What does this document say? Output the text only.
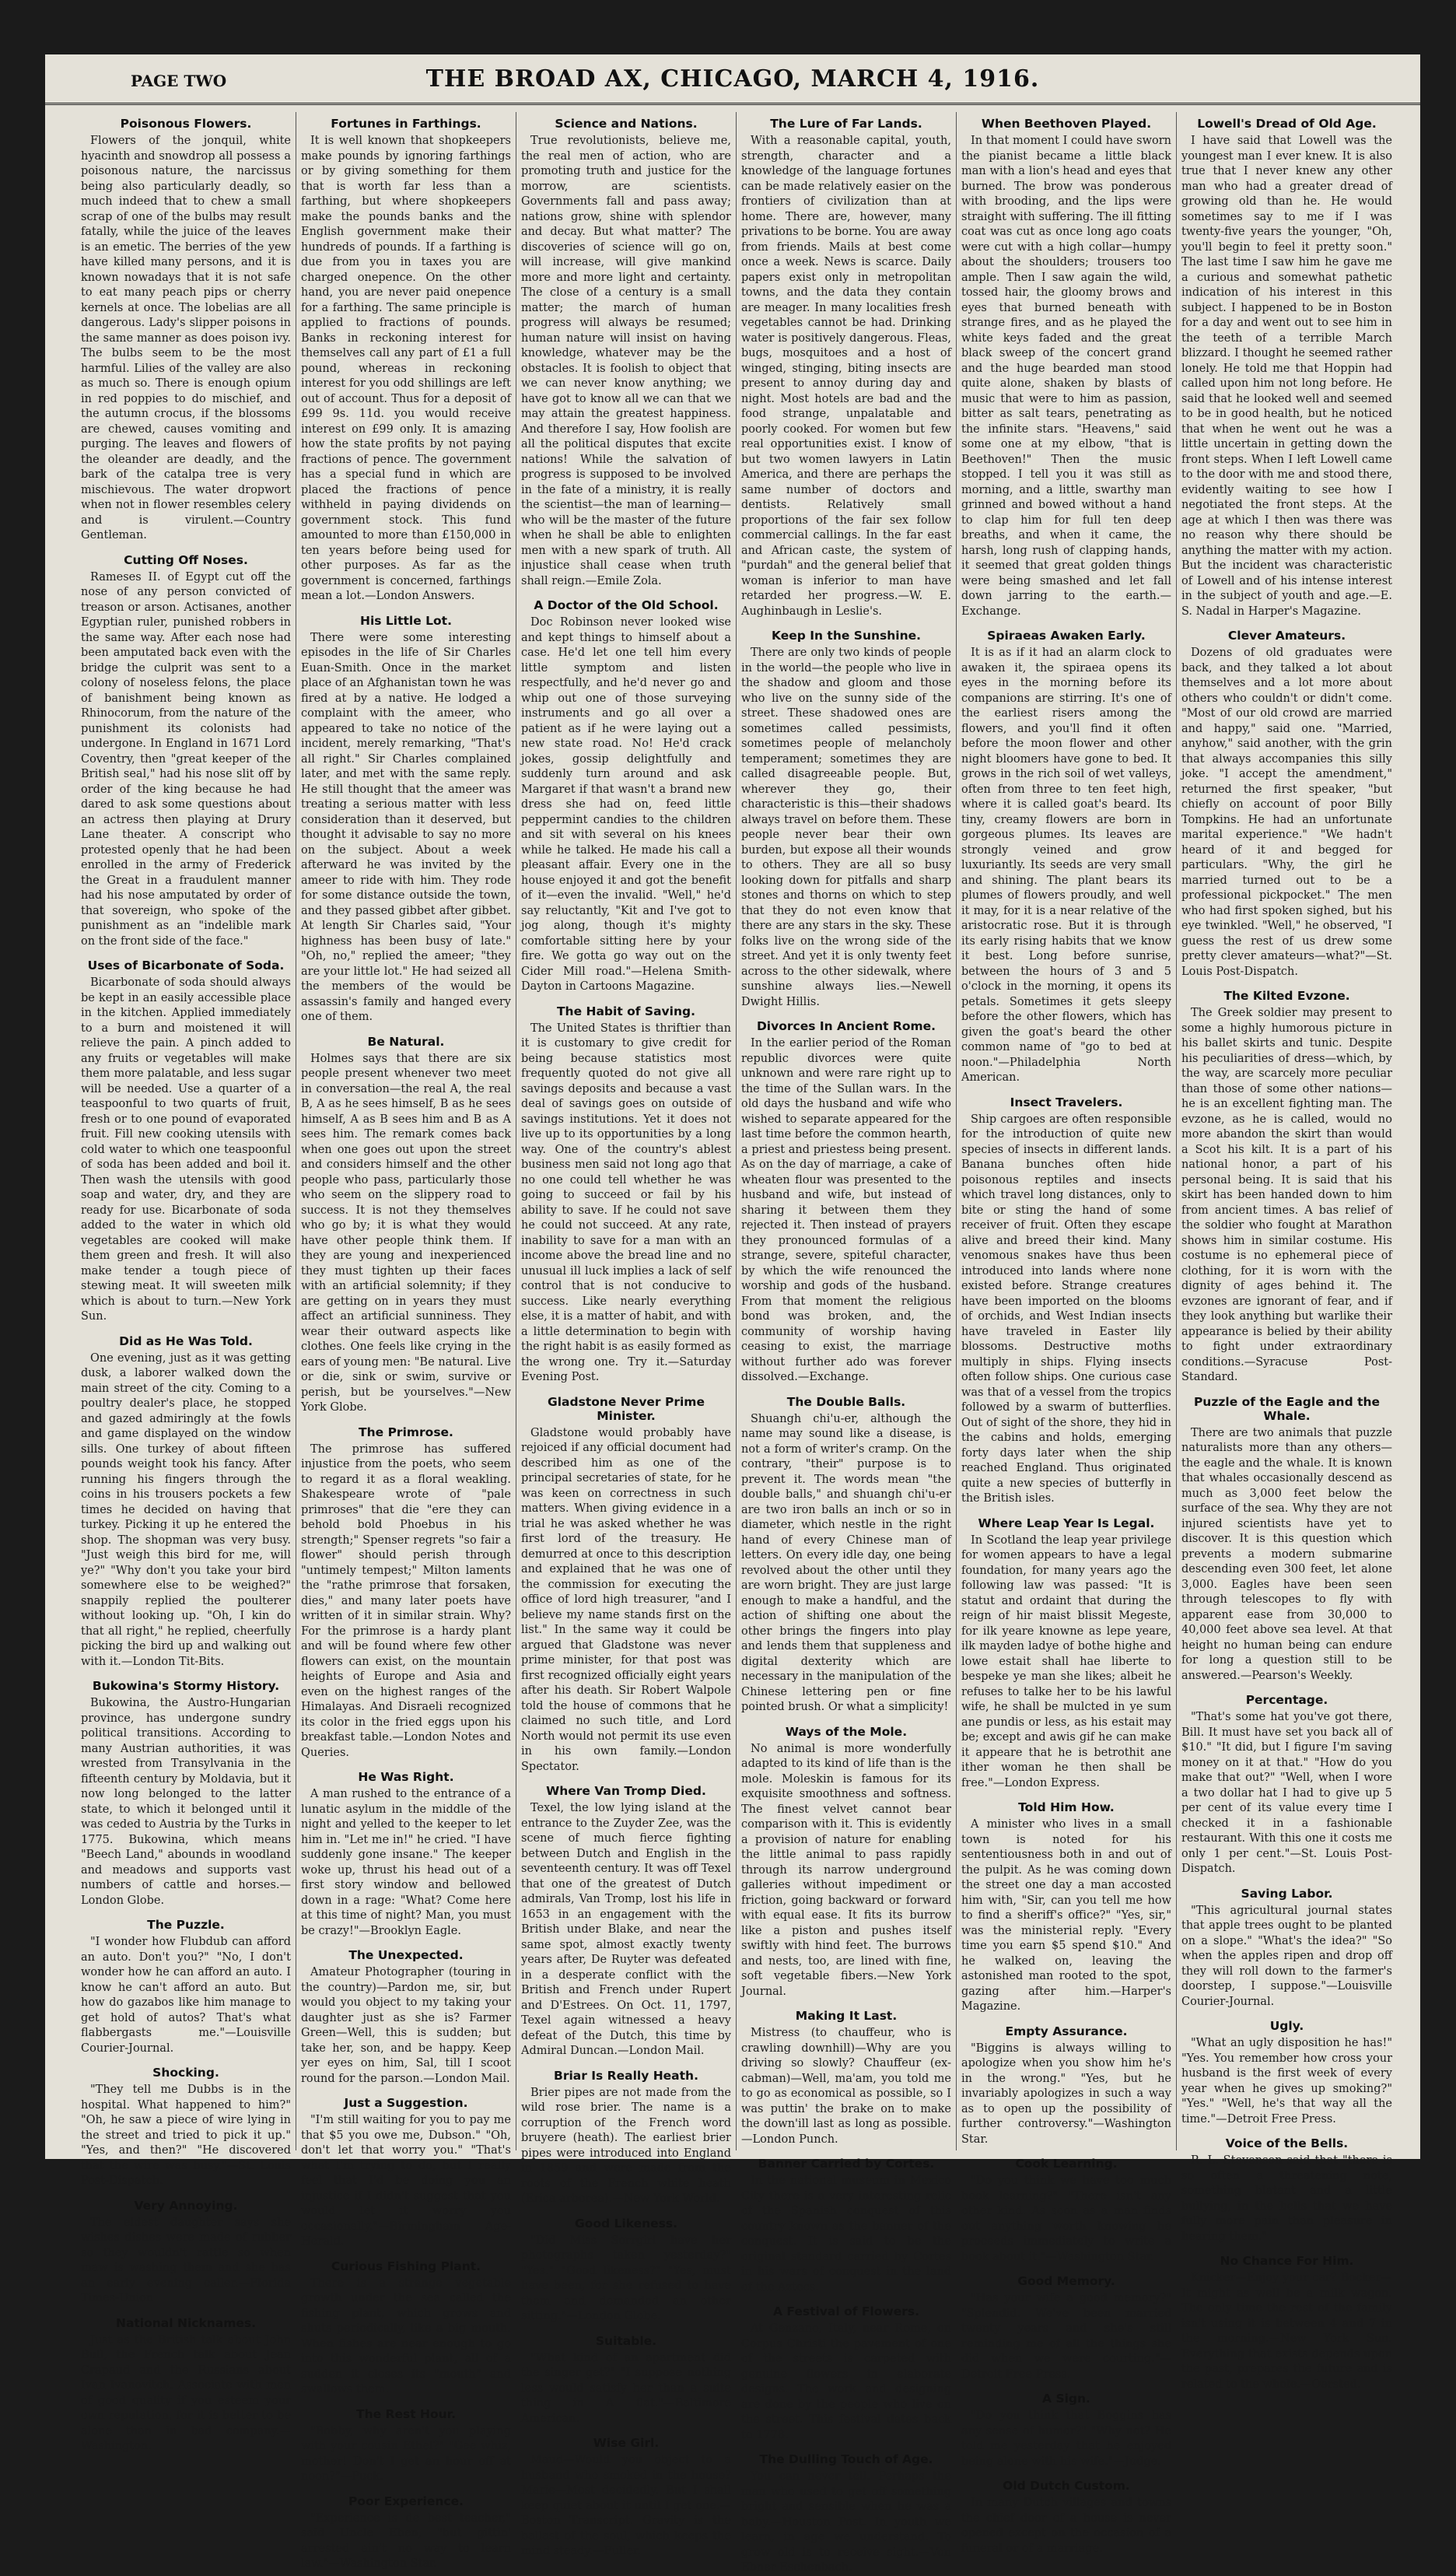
PAGE TWO	THE BROAD AX, CHICAGO, MARCH 4, 1916.
Poisonous Flowers.

Flowers of the jonquil, white hyacinth and snowdrop all possess a poisonous nature, the narcissus being also particularly deadly, so much indeed that to chew a small scrap of one of the bulbs may result fatally, while the juice of the leaves is an emetic. The berries of the yew have killed many persons, and it is known nowadays that it is not safe to eat many peach pips or cherry kernels at once. The lobelias are all dangerous. Lady's slipper poisons in the same manner as does poison ivy. The bulbs seem to be the most harmful. Lilies of the valley are also as much so. There is enough opium in red poppies to do mischief, and the autumn crocus, if the blossoms are chewed, causes vomiting and purging. The leaves and flowers of the oleander are deadly, and the bark of the catalpa tree is very mischievous. The water dropwort when not in flower resembles celery and is virulent.—Country Gentleman.

Cutting Off Noses.

Rameses II. of Egypt cut off the nose of any person convicted of treason or arson. Actisanes, another Egyptian ruler, punished robbers in the same way. After each nose had been amputated back even with the bridge the culprit was sent to a colony of noseless felons, the place of banishment being known as Rhinocorum, from the nature of the punishment its colonists had undergone. In England in 1671 Lord Coventry, then "great keeper of the British seal," had his nose slit off by order of the king because he had dared to ask some questions about an actress then playing at Drury Lane theater. A conscript who protested openly that he had been enrolled in the army of Frederick the Great in a fraudulent manner had his nose amputated by order of that sovereign, who spoke of the punishment as an "indelible mark on the front side of the face."

Uses of Bicarbonate of Soda.

Bicarbonate of soda should always be kept in an easily accessible place in the kitchen. Applied immediately to a burn and moistened it will relieve the pain. A pinch added to any fruits or vegetables will make them more palatable, and less sugar will be needed. Use a quarter of a teaspoonful to two quarts of fruit, fresh or to one pound of evaporated fruit. Fill new cooking utensils with cold water to which one teaspoonful of soda has been added and boil it. Then wash the utensils with good soap and water, dry, and they are ready for use. Bicarbonate of soda added to the water in which old vegetables are cooked will make them green and fresh. It will also make tender a tough piece of stewing meat. It will sweeten milk which is about to turn.—New York Sun.

Did as He Was Told.

One evening, just as it was getting dusk, a laborer walked down the main street of the city. Coming to a poultry dealer's place, he stopped and gazed admiringly at the fowls and game displayed on the window sills. One turkey of about fifteen pounds weight took his fancy. After running his fingers through the coins in his trousers pockets a few times he decided on having that turkey. Picking it up he entered the shop. The shopman was very busy. "Just weigh this bird for me, will ye?" "Why don't you take your bird somewhere else to be weighed?" snappily replied the poulterer without looking up. "Oh, I kin do that all right," he replied, cheerfully picking the bird up and walking out with it.—London Tit-Bits.

Bukowina's Stormy History.

Bukowina, the Austro-Hungarian province, has undergone sundry political transitions. According to many Austrian authorities, it was wrested from Transylvania in the fifteenth century by Moldavia, but it now long belonged to the latter state, to which it belonged until it was ceded to Austria by the Turks in 1775. Bukowina, which means "Beech Land," abounds in woodland and meadows and supports vast numbers of cattle and horses.—London Globe.

The Puzzle.

"I wonder how Flubdub can afford an auto. Don't you?" "No, I don't wonder how he can afford an auto. I know he can't afford an auto. But how do gazabos like him manage to get hold of autos? That's what flabbergasts me."—Louisville Courier-Journal.

Shocking.

"They tell me Dubbs is in the hospital. What happened to him?" "Oh, he saw a piece of wire lying in the street and tried to pick it up." "Yes, and then?" "He discovered that the wire was busy."—St. Louis Post-Dispatch.

Very Annoying.

The eldest daughter says she wishes dishes were made of rubber so they wouldn't rattle so when maw is washing them and she has an early evening caller.—Florida Times-Union

National Nicknames.

Just as the British talk about John Bull, the French talk about Jean Crapaud and the Russians about Ivan Ivanovitch. Associate with men of good quality if you esteem your own reputation, for it is better to be alone than in bad company.—Washington.

Fortunes in Farthings.

It is well known that shopkeepers make pounds by ignoring farthings or by giving something for them that is worth far less than a farthing, but where shopkeepers make the pounds banks and the English government make their hundreds of pounds. If a farthing is due from you in taxes you are charged onepence. On the other hand, you are never paid onepence for a farthing. The same principle is applied to fractions of pounds. Banks in reckoning interest for themselves call any part of £1 a full pound, whereas in reckoning interest for you odd shillings are left out of account. Thus for a deposit of £99 9s. 11d. you would receive interest on £99 only. It is amazing how the state profits by not paying fractions of pence. The government has a special fund in which are placed the fractions of pence withheld in paying dividends on government stock. This fund amounted to more than £150,000 in ten years before being used for other purposes. As far as the government is concerned, farthings mean a lot.—London Answers.

His Little Lot.

There were some interesting episodes in the life of Sir Charles Euan-Smith. Once in the market place of an Afghanistan town he was fired at by a native. He lodged a complaint with the ameer, who appeared to take no notice of the incident, merely remarking, "That's all right." Sir Charles complained later, and met with the same reply. He still thought that the ameer was treating a serious matter with less consideration than it deserved, but thought it advisable to say no more on the subject. About a week afterward he was invited by the ameer to ride with him. They rode for some distance outside the town, and they passed gibbet after gibbet. At length Sir Charles said, "Your highness has been busy of late." "Oh, no," replied the ameer; "they are your little lot." He had seized all the members of the would be assassin's family and hanged every one of them.

Be Natural.

Holmes says that there are six people present whenever two meet in conversation—the real A, the real B, A as he sees himself, B as he sees himself, A as B sees him and B as A sees him. The remark comes back when one goes out upon the street and considers himself and the other people who pass, particularly those who seem on the slippery road to success. It is not they themselves who go by; it is what they would have other people think them. If they are young and inexperienced they must tighten up their faces with an artificial solemnity; if they are getting on in years they must affect an artificial sunniness. They wear their outward aspects like clothes. One feels like crying in the ears of young men: "Be natural. Live or die, sink or swim, survive or perish, but be yourselves."—New York Globe.

The Primrose.

The primrose has suffered injustice from the poets, who seem to regard it as a floral weakling. Shakespeare wrote of "pale primroses" that die "ere they can behold bold Phoebus in his strength;" Spenser regrets "so fair a flower" should perish through "untimely tempest;" Milton laments the "rathe primrose that forsaken, dies," and many later poets have written of it in similar strain. Why? For the primrose is a hardy plant and will be found where few other flowers can exist, on the mountain heights of Europe and Asia and even on the highest ranges of the Himalayas. And Disraeli recognized its color in the fried eggs upon his breakfast table.—London Notes and Queries.

He Was Right.

A man rushed to the entrance of a lunatic asylum in the middle of the night and yelled to the keeper to let him in. "Let me in!" he cried. "I have suddenly gone insane." The keeper woke up, thrust his head out of a first story window and bellowed down in a rage: "What? Come here at this time of night? Man, you must be crazy!"—Brooklyn Eagle.

The Unexpected.

Amateur Photographer (touring in the country)—Pardon me, sir, but would you object to my taking your daughter just as she is? Farmer Green—Well, this is sudden; but take her, son, and be happy. Keep yer eyes on him, Sal, till I scoot round for the parson.—London Mail.

Just a Suggestion.

"I'm still waiting for you to pay me that $5 you owe me, Dubson." "Oh, don't let that worry you." "That's what I'm trying to do, but I really feel that I'd be doing you an injustice if I didn't suggest that you would let it worry you occasionally."—Birmingham Age-Herald.

Curious Fishing Plant.

There is a strange vegetable growth under the sea called the fishing plant, which grows and shuts periodically, like a big mouth. When fishes are near enough to go into this wonderful plant, all of a sudden it closes its "mouth" and swallows them.

The Rest Hour.

"Bobby, why aren't you playing with your cousin Ethel?" "Gee whiz, mother! Don't I get an hour off at noon?"—Puck.

Poor Experience.

"Experience is de best teacher," said Uncle Eben, "but gittin' arrested ain't no way to learn law."—Washington Star.

Science and Nations.

True revolutionists, believe me, the real men of action, who are promoting truth and justice for the morrow, are scientists. Governments fall and pass away; nations grow, shine with splendor and decay. But what matter? The discoveries of science will go on, will increase, will give mankind more and more light and certainty. The close of a century is a small matter; the march of human progress will always be resumed; human nature will insist on having knowledge, whatever may be the obstacles. It is foolish to object that we can never know anything; we have got to know all we can that we may attain the greatest happiness. And therefore I say, How foolish are all the political disputes that excite nations! While the salvation of progress is supposed to be involved in the fate of a ministry, it is really the scientist—the man of learning—who will be the master of the future when he shall be able to enlighten men with a new spark of truth. All injustice shall cease when truth shall reign.—Emile Zola.

A Doctor of the Old School.

Doc Robinson never looked wise and kept things to himself about a case. He'd let one tell him every little symptom and listen respectfully, and he'd never go and whip out one of those surveying instruments and go all over a patient as if he were laying out a new state road. No! He'd crack jokes, gossip delightfully and suddenly turn around and ask Margaret if that wasn't a brand new dress she had on, feed little peppermint candies to the children and sit with several on his knees while he talked. He made his call a pleasant affair. Every one in the house enjoyed it and got the benefit of it—even the invalid. "Well," he'd say reluctantly, "Kit and I've got to jog along, though it's mighty comfortable sitting here by your fire. We gotta go way out on the Cider Mill road."—Helena Smith-Dayton in Cartoons Magazine.

The Habit of Saving.

The United States is thriftier than it is customary to give credit for being because statistics most frequently quoted do not give all savings deposits and because a vast deal of savings goes on outside of savings institutions. Yet it does not live up to its opportunities by a long way. One of the country's ablest business men said not long ago that no one could tell whether he was going to succeed or fail by his ability to save. If he could not save he could not succeed. At any rate, inability to save for a man with an income above the bread line and no unusual ill luck implies a lack of self control that is not conducive to success. Like nearly everything else, it is a matter of habit, and with a little determination to begin with the right habit is as easily formed as the wrong one. Try it.—Saturday Evening Post.

Gladstone Never Prime Minister.

Gladstone would probably have rejoiced if any official document had described him as one of the principal secretaries of state, for he was keen on correctness in such matters. When giving evidence in a trial he was asked whether he was first lord of the treasury. He demurred at once to this description and explained that he was one of the commission for executing the office of lord high treasurer, "and I believe my name stands first on the list." In the same way it could be argued that Gladstone was never prime minister, for that post was first recognized officially eight years after his death. Sir Robert Walpole told the house of commons that he claimed no such title, and Lord North would not permit its use even in his own family.—London Spectator.

Where Van Tromp Died.

Texel, the low lying island at the entrance to the Zuyder Zee, was the scene of much fierce fighting between Dutch and English in the seventeenth century. It was off Texel that one of the greatest of Dutch admirals, Van Tromp, lost his life in 1653 in an engagement with the British under Blake, and near the same spot, almost exactly twenty years after, De Ruyter was defeated in a desperate conflict with the British and French under Rupert and D'Estrees. On Oct. 11, 1797, Texel again witnessed a heavy defeat of the Dutch, this time by Admiral Duncan.—London Mail.

Briar Is Really Heath.

Brier pipes are not made from the wild rose brier. The name is a corruption of the French word bruyere (heath). The earliest brier pipes were introduced into England in 1859 and were made from the roots of the French white heath (Erica arborea).—New York World.

Good Likeness.

"Did Miss Sorrgirl have her photographs taken yesterday?" "Yes." "Good likeness?" "Yes, must have been, for she refused to have them and demanded an other sitting."—London Globe.

Suitable.

"What kind of an apartment did the singer get?" "I suppose nothing less would satisfy her than a suite thing in A flat."—Baltimore American.

Wise Girl.

Maud—Would you object to a husband who smoked in the house? Marie—Most decidedly. But I shall keep quiet about it until I get one.—Boston Transcript. Gravity is the ballast of the soul, which keeps the mind steady.—Fuller.

The Lure of Far Lands.

With a reasonable capital, youth, strength, character and a knowledge of the language fortunes can be made relatively easier on the frontiers of civilization than at home. There are, however, many privations to be borne. You are away from friends. Mails at best come once a week. News is scarce. Daily papers exist only in metropolitan towns, and the data they contain are meager. In many localities fresh vegetables cannot be had. Drinking water is positively dangerous. Fleas, bugs, mosquitoes and a host of winged, stinging, biting insects are present to annoy during day and night. Most hotels are bad and the food strange, unpalatable and poorly cooked. For women but few real opportunities exist. I know of but two women lawyers in Latin America, and there are perhaps the same number of doctors and dentists. Relatively small proportions of the fair sex follow commercial callings. In the far east and African caste, the system of "purdah" and the general belief that woman is inferior to man have retarded her progress.—W. E. Aughinbaugh in Leslie's.

Keep In the Sunshine.

There are only two kinds of people in the world—the people who live in the shadow and gloom and those who live on the sunny side of the street. These shadowed ones are sometimes called pessimists, sometimes people of melancholy temperament; sometimes they are called disagreeable people. But, wherever they go, their characteristic is this—their shadows always travel on before them. These people never bear their own burden, but expose all their wounds to others. They are all so busy looking down for pitfalls and sharp stones and thorns on which to step that they do not even know that there are any stars in the sky. These folks live on the wrong side of the street. And yet it is only twenty feet across to the other sidewalk, where sunshine always lies.—Newell Dwight Hillis.

Divorces In Ancient Rome.

In the earlier period of the Roman republic divorces were quite unknown and were rare right up to the time of the Sullan wars. In the old days the husband and wife who wished to separate appeared for the last time before the common hearth, a priest and priestess being present. As on the day of marriage, a cake of wheaten flour was presented to the husband and wife, but instead of sharing it between them they rejected it. Then instead of prayers they pronounced formulas of a strange, severe, spiteful character, by which the wife renounced the worship and gods of the husband. From that moment the religious bond was broken, and, the community of worship having ceasing to exist, the marriage without further ado was forever dissolved.—Exchange.

The Double Balls.

Shuangh chi'u-er, although the name may sound like a disease, is not a form of writer's cramp. On the contrary, "their" purpose is to prevent it. The words mean "the double balls," and shuangh chi'u-er are two iron balls an inch or so in diameter, which nestle in the right hand of every Chinese man of letters. On every idle day, one being revolved about the other until they are worn bright. They are just large enough to make a handful, and the action of shifting one about the other brings the fingers into play and lends them that suppleness and digital dexterity which are necessary in the manipulation of the Chinese lettering pen or fine pointed brush. Or what a simplicity!

Ways of the Mole.

No animal is more wonderfully adapted to its kind of life than is the mole. Moleskin is famous for its exquisite smoothness and softness. The finest velvet cannot bear comparison with it. This is evidently a provision of nature for enabling the little animal to pass rapidly through its narrow underground galleries without impediment or friction, going backward or forward with equal ease. It fits its burrow like a piston and pushes itself swiftly with hind feet. The burrows and nests, too, are lined with fine, soft vegetable fibers.—New York Journal.

Making It Last.

Mistress (to chauffeur, who is crawling downhill)—Why are you driving so slowly? Chauffeur (ex-cabman)—Well, ma'am, you told me to go as economical as possible, so I was puttin' the brake on to make the down'ill last as long as possible.—London Punch.

Banner Carried by Cortes.

In the national museum in Mexico City there is a very interesting relic of the Spanish conquest of this country known as the banner of the conquest. It is said to be the original standard carried by Cortes in his wars of conquest in the land of the Aztecs.

A Festival of Flowers.

At Genzano, Italy, near Rome, on Corpus Christi the pavement of one of the streets is carpeted with genuine flowers in elaborate designs. The work and designing are done by the people who live on the street. This festival dates back to 1778.

The Dulling Touch of Age.

You can never tell. Perhaps the man who used to get off something bright and sensible when he was a baby.—Houston Post. In youth we learn, in age we understand. To grow old is to receive sight.—Von Ebner Eschenbach.

When Beethoven Played.

In that moment I could have sworn the pianist became a little black man with a lion's head and eyes that burned. The brow was ponderous with brooding, and the lips were straight with suffering. The ill fitting coat was cut as once long ago coats were cut with a high collar—humpy about the shoulders; trousers too ample. Then I saw again the wild, tossed hair, the gloomy brows and eyes that burned beneath with strange fires, and as he played the white keys faded and the great black sweep of the concert grand and the huge bearded man stood quite alone, shaken by blasts of music that were to him as passion, bitter as salt tears, penetrating as the infinite stars. "Heavens," said some one at my elbow, "that is Beethoven!" Then the music stopped. I tell you it was still as morning, and a little, swarthy man grinned and bowed without a hand to clap him for full ten deep breaths, and when it came, the harsh, long rush of clapping hands, it seemed that great golden things were being smashed and let fall down jarring to the earth.—Exchange.

Spiraeas Awaken Early.

It is as if it had an alarm clock to awaken it, the spiraea opens its eyes in the morning before its companions are stirring. It's one of the earliest risers among the flowers, and you'll find it often before the moon flower and other night bloomers have gone to bed. It grows in the rich soil of wet valleys, often from three to ten feet high, where it is called goat's beard. Its tiny, creamy flowers are born in gorgeous plumes. Its leaves are strongly veined and grow luxuriantly. Its seeds are very small and shining. The plant bears its plumes of flowers proudly, and well it may, for it is a near relative of the aristocratic rose. But it is through its early rising habits that we know it best. Long before sunrise, between the hours of 3 and 5 o'clock in the morning, it opens its petals. Sometimes it gets sleepy before the other flowers, which has given the goat's beard the other common name of "go to bed at noon."—Philadelphia North American.

Insect Travelers.

Ship cargoes are often responsible for the introduction of quite new species of insects in different lands. Banana bunches often hide poisonous reptiles and insects which travel long distances, only to bite or sting the hand of some receiver of fruit. Often they escape alive and breed their kind. Many venomous snakes have thus been introduced into lands where none existed before. Strange creatures have been imported on the blooms of orchids, and West Indian insects have traveled in Easter lily blossoms. Destructive moths multiply in ships. Flying insects often follow ships. One curious case was that of a vessel from the tropics followed by a swarm of butterflies. Out of sight of the shore, they hid in the cabins and holds, emerging forty days later when the ship reached England. Thus originated quite a new species of butterfly in the British isles.

Where Leap Year Is Legal.

In Scotland the leap year privilege for women appears to have a legal foundation, for many years ago the following law was passed: "It is statut and ordaint that during the reign of hir maist blissit Megeste, for ilk yeare knowne as lepe yeare, ilk mayden ladye of bothe highe and lowe estait shall hae liberte to bespeke ye man she likes; albeit he refuses to talke her to be his lawful wife, he shall be mulcted in ye sum ane pundis or less, as his estait may be; except and awis gif he can make it appeare that he is betrothit ane ither woman he then shall be free."—London Express.

Told Him How.

A minister who lives in a small town is noted for his sententiousness both in and out of the pulpit. As he was coming down the street one day a man accosted him with, "Sir, can you tell me how to find a sheriff's office?" "Yes, sir," was the ministerial reply. "Every time you earn $5 spend $10." And he walked on, leaving the astonished man rooted to the spot, gazing after him.—Harper's Magazine.

Empty Assurance.

"Biggins is always willing to apologize when you show him he's in the wrong." "Yes, but he invariably apologizes in such a way as to open up the possibility of further controversy."—Washington Star.

Cook Learning.

"Do you think we have too much book learning?" "There isn't any other kind. As soon as a man finds out anything worth knowing he proceeds immediately to write a book about it."—Washington Star.

Good Memory.

"Has your wife a good memory?" "Splendid. We've been married twenty years and she's still reminding me of all the things she did when we were courting."—Detroit Free Press.

A Sign.

"Do you think that Boggins has any sense of humor?" "Why not? He told me yesterday that he enjoyed being alone with his wife."—Judge.

Old Dutch Custom.

In many Dutch villages and towns the chief door of a house is never opened except on the occasion of a funeral or of a marriage.

Lowell's Dread of Old Age.

I have said that Lowell was the youngest man I ever knew. It is also true that I never knew any other man who had a greater dread of growing old than he. He would sometimes say to me if I was twenty-five years the younger, "Oh, you'll begin to feel it pretty soon." The last time I saw him he gave me a curious and somewhat pathetic indication of his interest in this subject. I happened to be in Boston for a day and went out to see him in the teeth of a terrible March blizzard. I thought he seemed rather lonely. He told me that Hoppin had called upon him not long before. He said that he looked well and seemed to be in good health, but he noticed that when he went out he was a little uncertain in getting down the front steps. When I left Lowell came to the door with me and stood there, evidently waiting to see how I negotiated the front steps. At the age at which I then was there was no reason why there should be anything the matter with my action. But the incident was characteristic of Lowell and of his intense interest in the subject of youth and age.—E. S. Nadal in Harper's Magazine.

Clever Amateurs.

Dozens of old graduates were back, and they talked a lot about themselves and a lot more about others who couldn't or didn't come. "Most of our old crowd are married and happy," said one. "Married, anyhow," said another, with the grin that always accompanies this silly joke. "I accept the amendment," returned the first speaker, "but chiefly on account of poor Billy Tompkins. He had an unfortunate marital experience." "We hadn't heard of it and begged for particulars. "Why, the girl he married turned out to be a professional pickpocket." The men who had first spoken sighed, but his eye twinkled. "Well," he observed, "I guess the rest of us drew some pretty clever amateurs—what?"—St. Louis Post-Dispatch.

The Kilted Evzone.

The Greek soldier may present to some a highly humorous picture in his ballet skirts and tunic. Despite his peculiarities of dress—which, by the way, are scarcely more peculiar than those of some other nations—he is an excellent fighting man. The evzone, as he is called, would no more abandon the skirt than would a Scot his kilt. It is a part of his national honor, a part of his personal being. It is said that his skirt has been handed down to him from ancient times. A bas relief of the soldier who fought at Marathon shows him in similar costume. His costume is no ephemeral piece of clothing, for it is worn with the dignity of ages behind it. The evzones are ignorant of fear, and if they look anything but warlike their appearance is belied by their ability to fight under extraordinary conditions.—Syracuse Post-Standard.

Puzzle of the Eagle and the Whale.

There are two animals that puzzle naturalists more than any others—the eagle and the whale. It is known that whales occasionally descend as much as 3,000 feet below the surface of the sea. Why they are not injured scientists have yet to discover. It is this question which prevents a modern submarine descending even 300 feet, let alone 3,000. Eagles have been seen through telescopes to fly with apparent ease from 30,000 to 40,000 feet above sea level. At that height no human being can endure for long a question still to be answered.—Pearson's Weekly.

Percentage.

"That's some hat you've got there, Bill. It must have set you back all of $10." "It did, but I figure I'm saving money on it at that." "How do you make that out?" "Well, when I wore a two dollar hat I had to give up 5 per cent of its value every time I checked it in a fashionable restaurant. With this one it costs me only 1 per cent."—St. Louis Post-Dispatch.

Saving Labor.

"This agricultural journal states that apple trees ought to be planted on a slope." "What's the idea?" "So when the apples ripen and drop off they will roll down to the farmer's doorstep, I suppose."—Louisville Courier-Journal.

Ugly.

"What an ugly disposition he has!" "Yes. You remember how cross your husband is the first week of every year when he gives up smoking?" "Yes." "Well, he's that way all the time."—Detroit Free Press.

Voice of the Bells.

R. L. Stevenson said that "there is so often a threatening note, something blatant and a little bullying, in the bells that we have fully more pain than pleasure in hearing them."

No Chance For Him.

Knicker—Enjoy your car? Bocker—It might as well be a milk wagon. The only time the rest of the family isn't using it is between 4 and 7 in the morning.—New York Sun. Everything that exists depends upon the past, prepares the future and is related to the whole.—Oersted.
